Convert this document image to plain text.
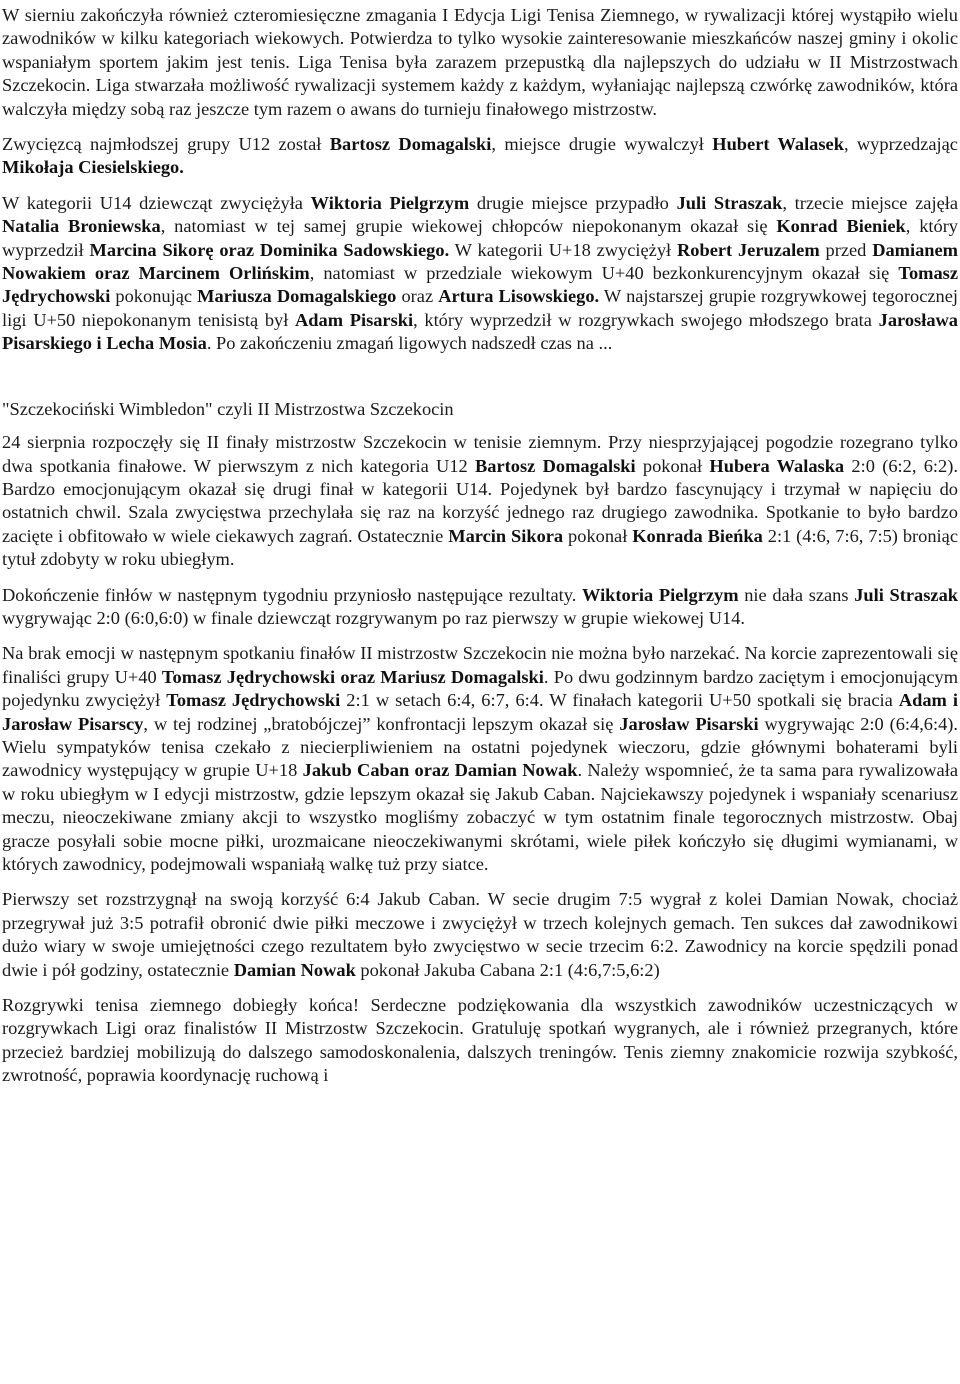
W sierniu zakończyła również czteromiesięczne zmagania I Edycja Ligi Tenisa Ziemnego, w rywalizacji której wystąpiło wielu zawodników w kilku kategoriach wiekowych. Potwierdza to tylko wysokie zainteresowanie mieszkańców naszej gminy i okolic wspaniałym sportem jakim jest tenis. Liga Tenisa była zarazem przepustką dla najlepszych do udziału w II Mistrzostwach Szczekocin. Liga stwarzała możliwość rywalizacji systemem każdy z każdym, wyłaniając najlepszą czwórkę zawodników, która walczyła między sobą raz jeszcze tym razem o awans do turnieju finałowego mistrzostw.

Zwycięzcą najmłodszej grupy U12 został Bartosz Domagalski, miejsce drugie wywalczył Hubert Walasek, wyprzedzając Mikołaja Ciesielskiego.

W kategorii U14 dziewcząt zwyciężyła Wiktoria Pielgrzym drugie miejsce przypadło Juli Straszak, trzecie miejsce zajęła Natalia Broniewska, natomiast w tej samej grupie wiekowej chłopców niepokonanym okazał się Konrad Bieniek, który wyprzedził Marcina Sikorę oraz Dominika Sadowskiego. W kategorii U+18 zwyciężył Robert Jeruzalem przed Damianem Nowakiem oraz Marcinem Orlińskim, natomiast w przedziale wiekowym U+40 bezkonkurencyjnym okazał się Tomasz Jędrychowski pokonując Mariusza Domagalskiego oraz Artura Lisowskiego. W najstarszej grupie rozgrywkowej tegorocznej ligi U+50 niepokonanym tenisistą był Adam Pisarski, który wyprzedził w rozgrywkach swojego młodszego brata Jarosława Pisarskiego i Lecha Mosia. Po zakończeniu zmagań ligowych nadszedł czas na ...

"Szczekociński Wimbledon" czyli II Mistrzostwa Szczekocin

24 sierpnia rozpoczęły się II finały mistrzostw Szczekocin w tenisie ziemnym. Przy niesprzyjającej pogodzie rozegrano tylko dwa spotkania finałowe. W pierwszym z nich kategoria U12 Bartosz Domagalski pokonał Hubera Walaska 2:0 (6:2, 6:2). Bardzo emocjonującym okazał się drugi finał w kategorii U14. Pojedynek był bardzo fascynujący i trzymał w napięciu do ostatnich chwil. Szala zwycięstwa przechylała się raz na korzyść jednego raz drugiego zawodnika. Spotkanie to było bardzo zacięte i obfitowało w wiele ciekawych zagrań. Ostatecznie Marcin Sikora pokonał Konrada Bieńka 2:1 (4:6, 7:6, 7:5) broniąc tytuł zdobyty w roku ubiegłym.

Dokończenie finłów w następnym tygodniu przyniosło następujące rezultaty. Wiktoria Pielgrzym nie dała szans Juli Straszak wygrywając 2:0 (6:0,6:0) w finale dziewcząt rozgrywanym po raz pierwszy w grupie wiekowej U14.

Na brak emocji w następnym spotkaniu finałów II mistrzostw Szczekocin nie można było narzekać. Na korcie zaprezentowali się finaliści grupy U+40 Tomasz Jędrychowski oraz Mariusz Domagalski. Po dwu godzinnym bardzo zaciętym i emocjonującym pojedynku zwyciężył Tomasz Jędrychowski 2:1 w setach 6:4, 6:7, 6:4. W finałach kategorii U+50 spotkali się bracia Adam i Jarosław Pisarscy, w tej rodzinej „bratobójczej” konfrontacji lepszym okazał się Jarosław Pisarski wygrywając 2:0 (6:4,6:4). Wielu sympatyków tenisa czekało z niecierpliwieniem na ostatni pojedynek wieczoru, gdzie głównymi bohaterami byli zawodnicy występujący w grupie U+18 Jakub Caban oraz Damian Nowak. Należy wspomnieć, że ta sama para rywalizowała w roku ubiegłym w I edycji mistrzostw, gdzie lepszym okazał się Jakub Caban. Najciekawszy pojedynek i wspaniały scenariusz meczu, nieoczekiwane zmiany akcji to wszystko mogliśmy zobaczyć w tym ostatnim finale tegorocznych mistrzostw. Obaj gracze posyłali sobie mocne piłki, urozmaicane nieoczekiwanymi skrótami, wiele piłek kończyło się długimi wymianami, w których zawodnicy, podejmowali wspaniałą walkę tuż przy siatce.

Pierwszy set rozstrzygnął na swoją korzyść 6:4 Jakub Caban. W secie drugim 7:5 wygrał z kolei Damian Nowak, chociaż przegrywał już 3:5 potrafił obronić dwie piłki meczowe i zwyciężył w trzech kolejnych gemach. Ten sukces dał zawodnikowi dużo wiary w swoje umiejętności czego rezultatem było zwycięstwo w secie trzecim 6:2. Zawodnicy na korcie spędzili ponad dwie i pół godziny, ostatecznie Damian Nowak pokonał Jakuba Cabana 2:1 (4:6,7:5,6:2)

Rozgrywki tenisa ziemnego dobiegły końca! Serdeczne podziękowania dla wszystkich zawodników uczestniczących w rozgrywkach Ligi oraz finalistów II Mistrzostw Szczekocin. Gratuluję spotkań wygranych, ale i również przegranych, które przecież bardziej mobilizują do dalszego samodoskonalenia, dalszych treningów. Tenis ziemny znakomicie rozwija szybkość, zwrotność, poprawia koordynację ruchową i
